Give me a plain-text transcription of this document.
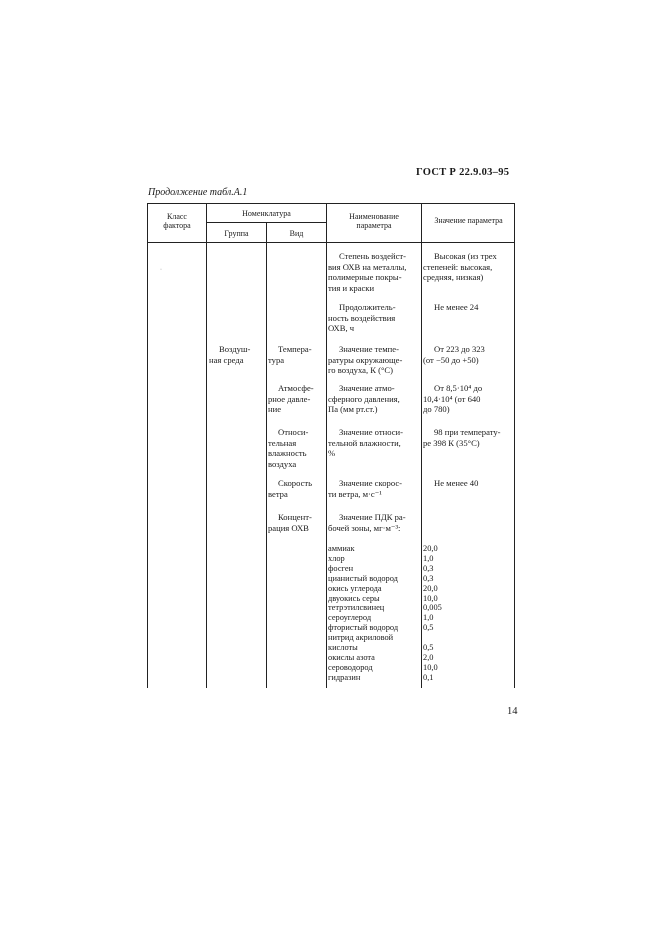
ГОСТ Р 22.9.03–95
Продолжение табл.А.1
Класс
фактора
Номенклатура
Группа	Вид
Наименование
параметра
Значение параметра
Воздуш-
ная среда
Степень воздейст-
вия ОХВ на металлы,
полимерные покры-
тия и краски
Высокая (из трех
степеней: высокая,
средняя, низкая)
Продолжитель-
ность воздействия
ОХВ, ч
Не менее 24
Темпера-
тура
Значение темпе-
ратуры окружающе-
го воздуха, К (°С)
От 223 до 323
(от −50 до +50)
Атмосфе-
рное давле-
ние
Значение атмо-
сферного давления,
Па (мм рт.ст.)
От 8,5·10⁴ до
10,4·10⁴ (от 640
до 780)
Относи-
тельная
влажность
воздуха
Значение относи-
тельной влажности,
%
98 при температу-
ре 398 К (35°С)
Скорость
ветра
Значение скорос-
ти ветра, м·с⁻¹
Не менее 40
Концент-
рация ОХВ
Значение ПДК ра-
бочей зоны, мг·м⁻³:
аммиак
хлор
фосген
цианистый водород
окись углерода
двуокись серы
тетрэтилсвинец
сероуглерод
фтористый водород
нитрид акриловой
кислоты
окислы азота
сероводород
гидразин
20,0
1,0
0,3
0,3
20,0
10,0
0,005
1,0
0,5

0,5
2,0
10,0
0,1
·
14
